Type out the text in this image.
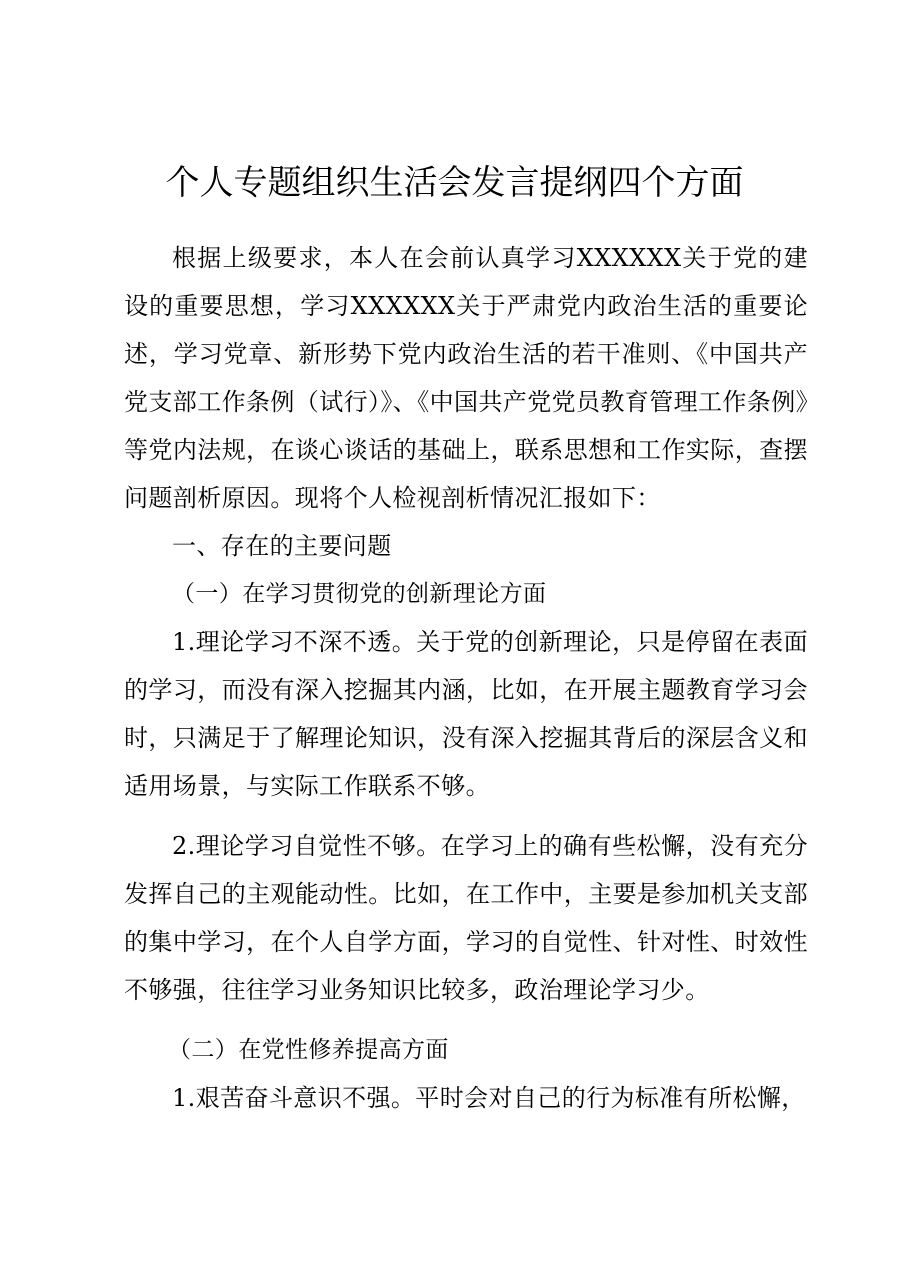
个人专题组织生活会发言提纲四个方面

根据上级要求，本人在会前认真学习XXXXXX关于党的建设的重要思想，学习XXXXXX关于严肃党内政治生活的重要论述，学习党章、新形势下党内政治生活的若干准则、《中国共产党支部工作条例（试行）》、《中国共产党党员教育管理工作条例》等党内法规，在谈心谈话的基础上，联系思想和工作实际，查摆问题剖析原因。现将个人检视剖析情况汇报如下：

一、存在的主要问题

（一）在学习贯彻党的创新理论方面

1.理论学习不深不透。关于党的创新理论，只是停留在表面的学习，而没有深入挖掘其内涵，比如，在开展主题教育学习会时，只满足于了解理论知识，没有深入挖掘其背后的深层含义和适用场景，与实际工作联系不够。

2.理论学习自觉性不够。在学习上的确有些松懈，没有充分发挥自己的主观能动性。比如，在工作中，主要是参加机关支部的集中学习，在个人自学方面，学习的自觉性、针对性、时效性不够强，往往学习业务知识比较多，政治理论学习少。

（二）在党性修养提高方面

1.艰苦奋斗意识不强。平时会对自己的行为标准有所松懈，
